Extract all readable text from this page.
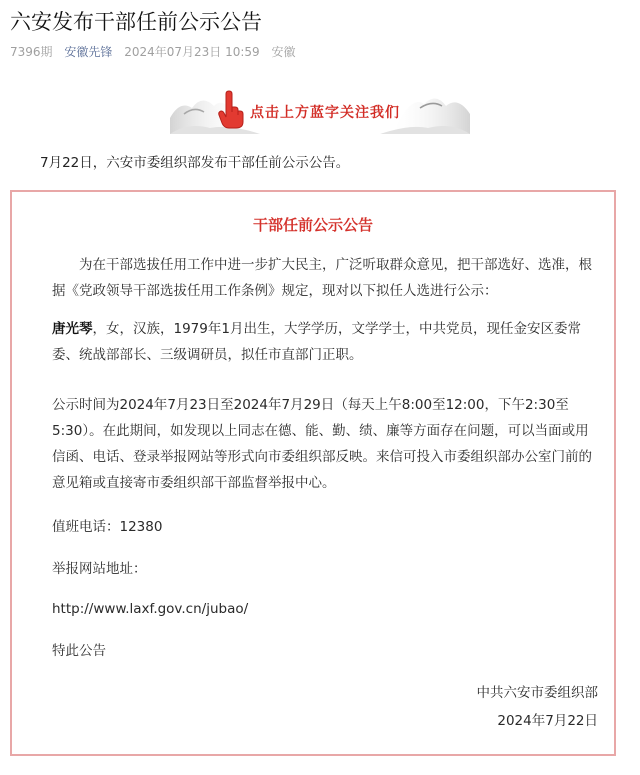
六安发布干部任前公示公告
7396期 安徽先锋 2024年07月23日 10:59 安徽
点击上方蓝字关注我们
7月22日，六安市委组织部发布干部任前公示公告。
干部任前公示公告
为在干部选拔任用工作中进一步扩大民主，广泛听取群众意见，把干部选好、选准，根据《党政领导干部选拔任用工作条例》规定，现对以下拟任人选进行公示：
唐光琴，女，汉族，1979年1月出生，大学学历，文学学士，中共党员，现任金安区委常委、统战部部长、三级调研员，拟任市直部门正职。
公示时间为2024年7月23日至2024年7月29日（每天上午8:00至12:00，下午2:30至5:30）。在此期间，如发现以上同志在德、能、勤、绩、廉等方面存在问题，可以当面或用信函、电话、登录举报网站等形式向市委组织部反映。来信可投入市委组织部办公室门前的意见箱或直接寄市委组织部干部监督举报中心。
值班电话：12380
举报网站地址：
http://www.laxf.gov.cn/jubao/
特此公告
中共六安市委组织部
2024年7月22日
